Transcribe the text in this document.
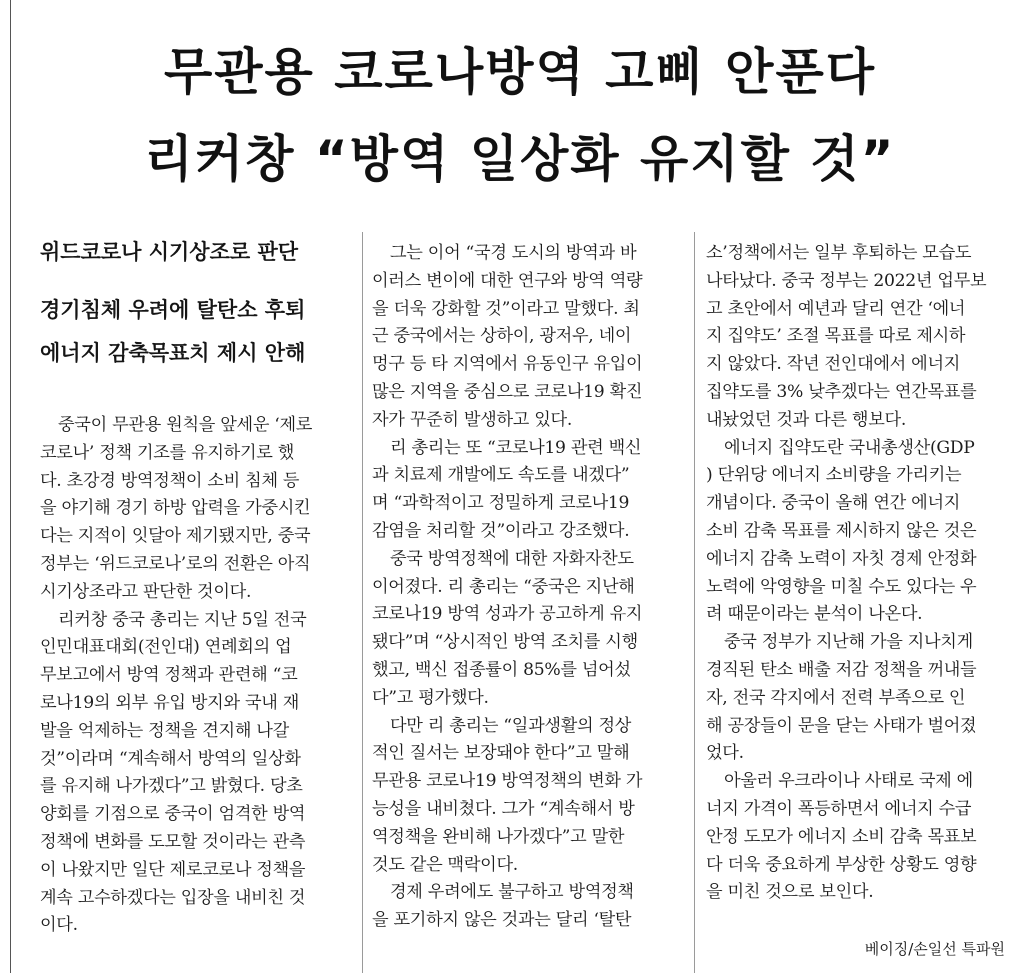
무관용 코로나방역 고삐 안푼다
리커창 “방역 일상화 유지할 것”
위드코로나 시기상조로 판단
경기침체 우려에 탈탄소 후퇴
에너지 감축목표치 제시 안해

중국이 무관용 원칙을 앞세운 ‘제로

코로나’ 정책 기조를 유지하기로 했

다. 초강경 방역정책이 소비 침체 등

을 야기해 경기 하방 압력을 가중시킨

다는 지적이 잇달아 제기됐지만, 중국

정부는 ‘위드코로나’로의 전환은 아직

시기상조라고 판단한 것이다.

리커창 중국 총리는 지난 5일 전국

인민대표대회(전인대) 연례회의 업

무보고에서 방역 정책과 관련해 “코

로나19의 외부 유입 방지와 국내 재

발을 억제하는 정책을 견지해 나갈

것”이라며 “계속해서 방역의 일상화

를 유지해 나가겠다”고 밝혔다. 당초

양회를 기점으로 중국이 엄격한 방역

정책에 변화를 도모할 것이라는 관측

이 나왔지만 일단 제로코로나 정책을

계속 고수하겠다는 입장을 내비친 것

이다.

그는 이어 “국경 도시의 방역과 바

이러스 변이에 대한 연구와 방역 역량

을 더욱 강화할 것”이라고 말했다. 최

근 중국에서는 상하이, 광저우, 네이

멍구 등 타 지역에서 유동인구 유입이

많은 지역을 중심으로 코로나19 확진

자가 꾸준히 발생하고 있다.

리 총리는 또 “코로나19 관련 백신

과 치료제 개발에도 속도를 내겠다”

며 “과학적이고 정밀하게 코로나19

감염을 처리할 것”이라고 강조했다.

중국 방역정책에 대한 자화자찬도

이어졌다. 리 총리는 “중국은 지난해

코로나19 방역 성과가 공고하게 유지

됐다”며 “상시적인 방역 조치를 시행

했고, 백신 접종률이 85%를 넘어섰

다”고 평가했다.

다만 리 총리는 “일과생활의 정상

적인 질서는 보장돼야 한다”고 말해

무관용 코로나19 방역정책의 변화 가

능성을 내비쳤다. 그가 “계속해서 방

역정책을 완비해 나가겠다”고 말한

것도 같은 맥락이다.

경제 우려에도 불구하고 방역정책

을 포기하지 않은 것과는 달리 ‘탈탄

소’정책에서는 일부 후퇴하는 모습도

나타났다. 중국 정부는 2022년 업무보

고 초안에서 예년과 달리 연간 ‘에너

지 집약도’ 조절 목표를 따로 제시하

지 않았다. 작년 전인대에서 에너지

집약도를 3% 낮추겠다는 연간목표를

내놨었던 것과 다른 행보다.

에너지 집약도란 국내총생산(GDP

) 단위당 에너지 소비량을 가리키는

개념이다. 중국이 올해 연간 에너지

소비 감축 목표를 제시하지 않은 것은

에너지 감축 노력이 자칫 경제 안정화

노력에 악영향을 미칠 수도 있다는 우

려 때문이라는 분석이 나온다.

중국 정부가 지난해 가을 지나치게

경직된 탄소 배출 저감 정책을 꺼내들

자, 전국 각지에서 전력 부족으로 인

해 공장들이 문을 닫는 사태가 벌어졌

었다.

아울러 우크라이나 사태로 국제 에

너지 가격이 폭등하면서 에너지 수급

안정 도모가 에너지 소비 감축 목표보

다 더욱 중요하게 부상한 상황도 영향

을 미친 것으로 보인다.

베이징/손일선 특파원
